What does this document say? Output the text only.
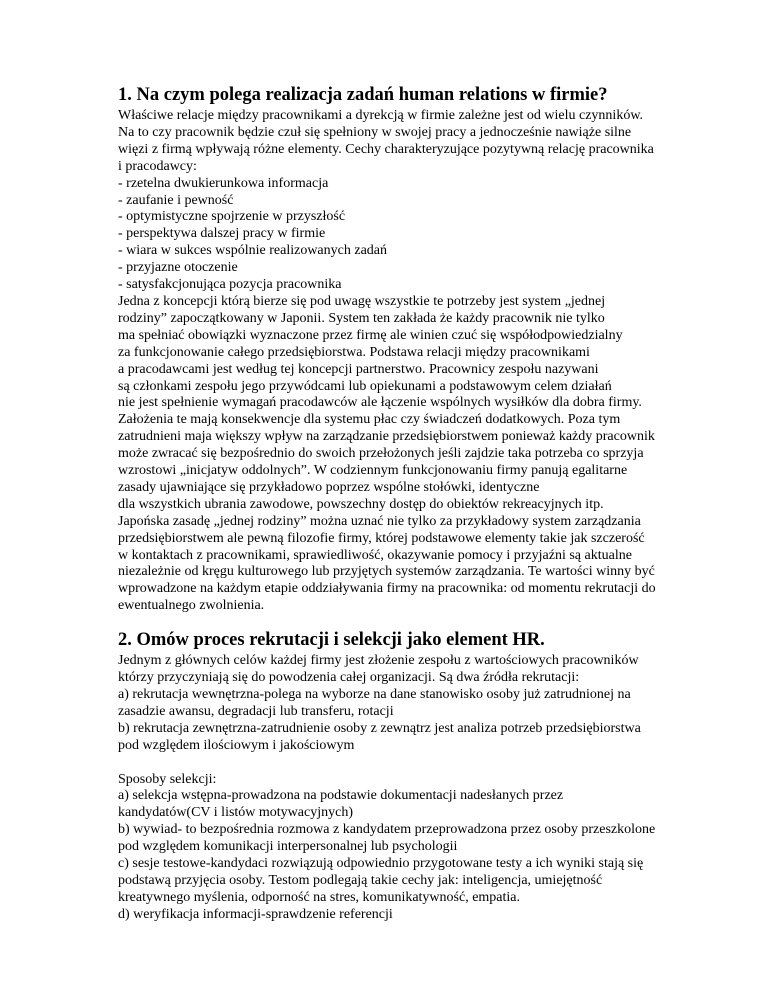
1. Na czym polega realizacja zadań human relations w firmie?

Właściwe relacje między pracownikami a dyrekcją w firmie zależne jest od wielu czynników.

Na to czy pracownik będzie czuł się spełniony w swojej pracy a jednocześnie nawiąże silne

więzi z firmą wpływają różne elementy. Cechy charakteryzujące pozytywną relację pracownika

i pracodawcy:

- rzetelna dwukierunkowa informacja

- zaufanie i pewność

- optymistyczne spojrzenie w przyszłość

- perspektywa dalszej pracy w firmie

- wiara w sukces wspólnie realizowanych zadań

- przyjazne otoczenie

- satysfakcjonująca pozycja pracownika

Jedna z koncepcji którą bierze się pod uwagę wszystkie te potrzeby jest system „jednej

rodziny” zapoczątkowany w Japonii. System ten zakłada że każdy pracownik nie tylko

ma spełniać obowiązki wyznaczone przez firmę ale winien czuć się współodpowiedzialny

za funkcjonowanie całego przedsiębiorstwa. Podstawa relacji między pracownikami

a pracodawcami jest według tej koncepcji partnerstwo. Pracownicy zespołu nazywani

są członkami zespołu jego przywódcami lub opiekunami a podstawowym celem działań

nie jest spełnienie wymagań pracodawców ale łączenie wspólnych wysiłków dla dobra firmy.

Założenia te mają konsekwencje dla systemu płac czy świadczeń dodatkowych. Poza tym

zatrudnieni maja większy wpływ na zarządzanie przedsiębiorstwem ponieważ każdy pracownik

może zwracać się bezpośrednio do swoich przełożonych jeśli zajdzie taka potrzeba co sprzyja

wzrostowi „inicjatyw oddolnych”. W codziennym funkcjonowaniu firmy panują egalitarne

zasady ujawniające się przykładowo poprzez wspólne stołówki, identyczne

dla wszystkich ubrania zawodowe, powszechny dostęp do obiektów rekreacyjnych itp.

Japońska zasadę „jednej rodziny” można uznać nie tylko za przykładowy system zarządzania

przedsiębiorstwem ale pewną filozofie firmy, której podstawowe elementy takie jak szczerość

w kontaktach z pracownikami, sprawiedliwość, okazywanie pomocy i przyjaźni są aktualne

niezależnie od kręgu kulturowego lub przyjętych systemów zarządzania. Te wartości winny być

wprowadzone na każdym etapie oddziaływania firmy na pracownika: od momentu rekrutacji do

ewentualnego zwolnienia.

2. Omów proces rekrutacji i selekcji jako element HR.

Jednym z głównych celów każdej firmy jest złożenie zespołu z wartościowych pracowników

którzy przyczyniają się do powodzenia całej organizacji. Są dwa źródła rekrutacji:

a) rekrutacja wewnętrzna-polega na wyborze na dane stanowisko osoby już zatrudnionej na

zasadzie awansu, degradacji lub transferu, rotacji

b) rekrutacja zewnętrzna-zatrudnienie osoby z zewnątrz jest analiza potrzeb przedsiębiorstwa

pod względem ilościowym i jakościowym

Sposoby selekcji:

a) selekcja wstępna-prowadzona na podstawie dokumentacji nadesłanych przez

kandydatów(CV i listów motywacyjnych)

b) wywiad- to bezpośrednia rozmowa z kandydatem przeprowadzona przez osoby przeszkolone

pod względem komunikacji interpersonalnej lub psychologii

c) sesje testowe-kandydaci rozwiązują odpowiednio przygotowane testy a ich wyniki stają się

podstawą przyjęcia osoby. Testom podlegają takie cechy jak: inteligencja, umiejętność

kreatywnego myślenia, odporność na stres, komunikatywność, empatia.

d) weryfikacja informacji-sprawdzenie referencji
